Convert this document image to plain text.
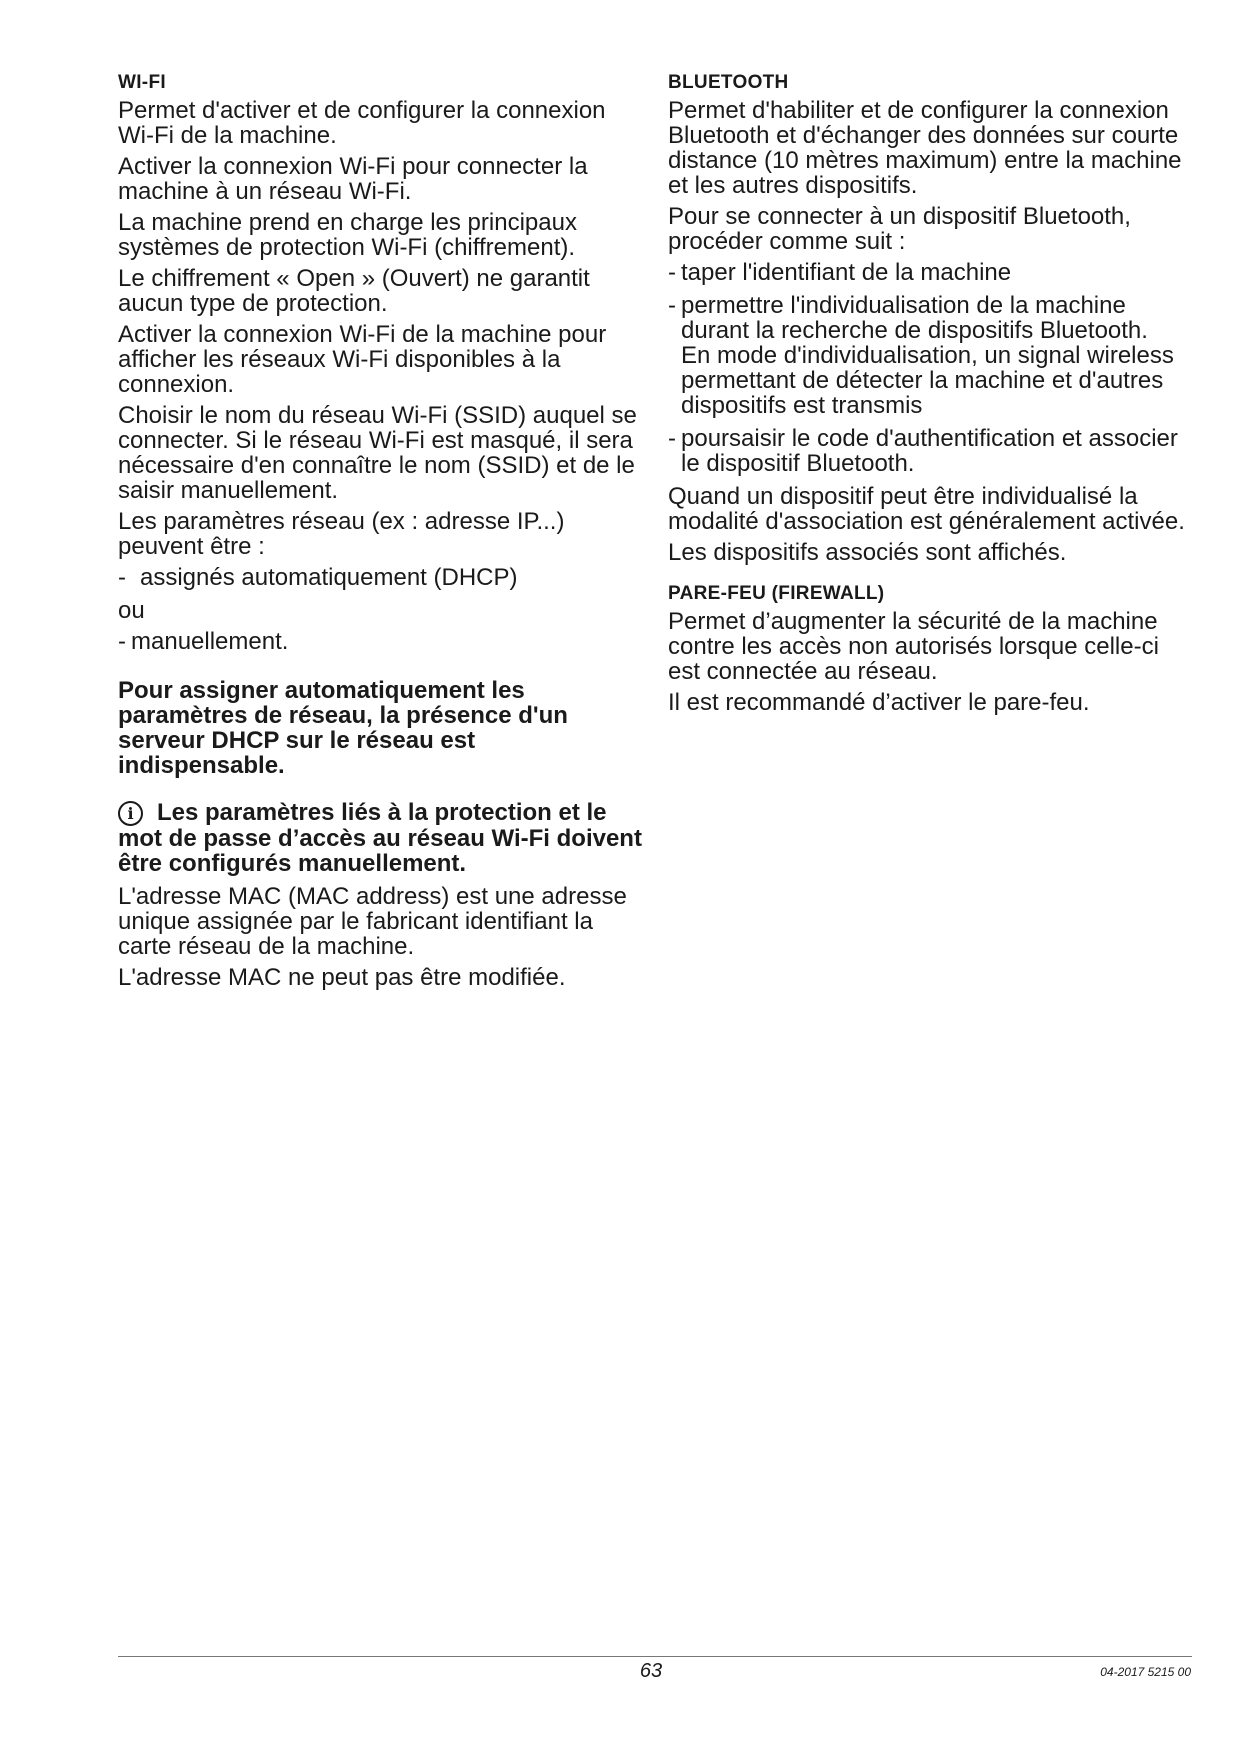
WI-FI

Permet d'activer et de configurer la connexion Wi-Fi de la machine.

Activer la connexion Wi-Fi pour connecter la machine à un réseau Wi-Fi.

La machine prend en charge les principaux systèmes de protection Wi-Fi (chiffrement).

Le chiffrement « Open » (Ouvert) ne garantit aucun type de protection.

Activer la connexion Wi-Fi de la machine pour afficher les réseaux Wi-Fi disponibles à la connexion.

Choisir le nom du réseau Wi-Fi (SSID) auquel se connecter. Si le réseau Wi-Fi est masqué, il sera nécessaire d'en connaître le nom (SSID) et de le saisir manuellement.

Les paramètres réseau (ex : adresse IP...) peuvent être :

- assignés automatiquement (DHCP)

ou

- manuellement.

Pour assigner automatiquement les paramètres de réseau, la présence d'un serveur DHCP sur le réseau est indispensable.

i Les paramètres liés à la protection et le mot de passe d’accès au réseau Wi-Fi doivent être configurés manuellement.

L'adresse MAC (MAC address) est une adresse unique assignée par le fabricant identifiant la carte réseau de la machine.

L'adresse MAC ne peut pas être modifiée.

BLUETOOTH

Permet d'habiliter et de configurer la connexion Bluetooth et d'échanger des données sur courte distance (10 mètres maximum) entre la machine et les autres dispositifs.

Pour se connecter à un dispositif Bluetooth, procéder comme suit :

- taper l'identifiant de la machine
- permettre l'individualisation de la machine durant la recherche de dispositifs Bluetooth.
En mode d'individualisation, un signal wireless permettant de détecter la machine et d'autres dispositifs est transmis
- poursaisir le code d'authentification et associer le dispositif Bluetooth.

Quand un dispositif peut être individualisé la modalité d'association est généralement activée.

Les dispositifs associés sont affichés.

PARE-FEU (FIREWALL)

Permet d’augmenter la sécurité de la machine contre les accès non autorisés lorsque celle-ci est connectée au réseau.

Il est recommandé d’activer le pare-feu.

63	04-2017 5215 00
